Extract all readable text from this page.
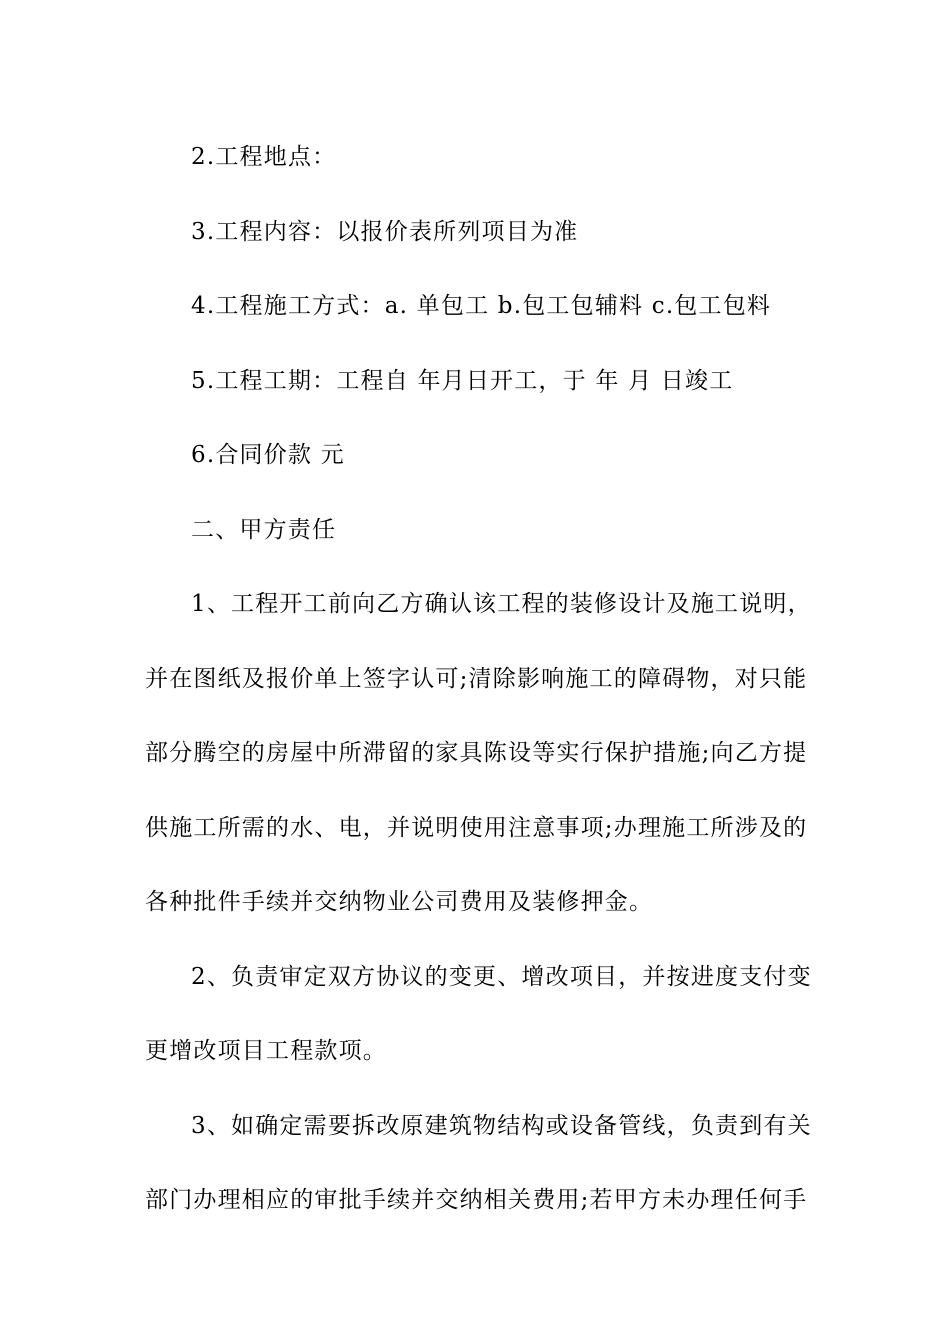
2.工程地点：

3.工程内容：以报价表所列项目为准

4.工程施工方式：a. 单包工 b.包工包辅料 c.包工包料

5.工程工期：工程自 年月日开工，于 年 月 日竣工

6.合同价款 元

二、甲方责任

1、工程开工前向乙方确认该工程的装修设计及施工说明，并在图纸及报价单上签字认可;清除影响施工的障碍物，对只能部分腾空的房屋中所滞留的家具陈设等实行保护措施;向乙方提供施工所需的水、电，并说明使用注意事项;办理施工所涉及的各种批件手续并交纳物业公司费用及装修押金。

2、负责审定双方协议的变更、增改项目，并按进度支付变更增改项目工程款项。

3、如确定需要拆改原建筑物结构或设备管线，负责到有关部门办理相应的审批手续并交纳相关费用;若甲方未办理任何手
